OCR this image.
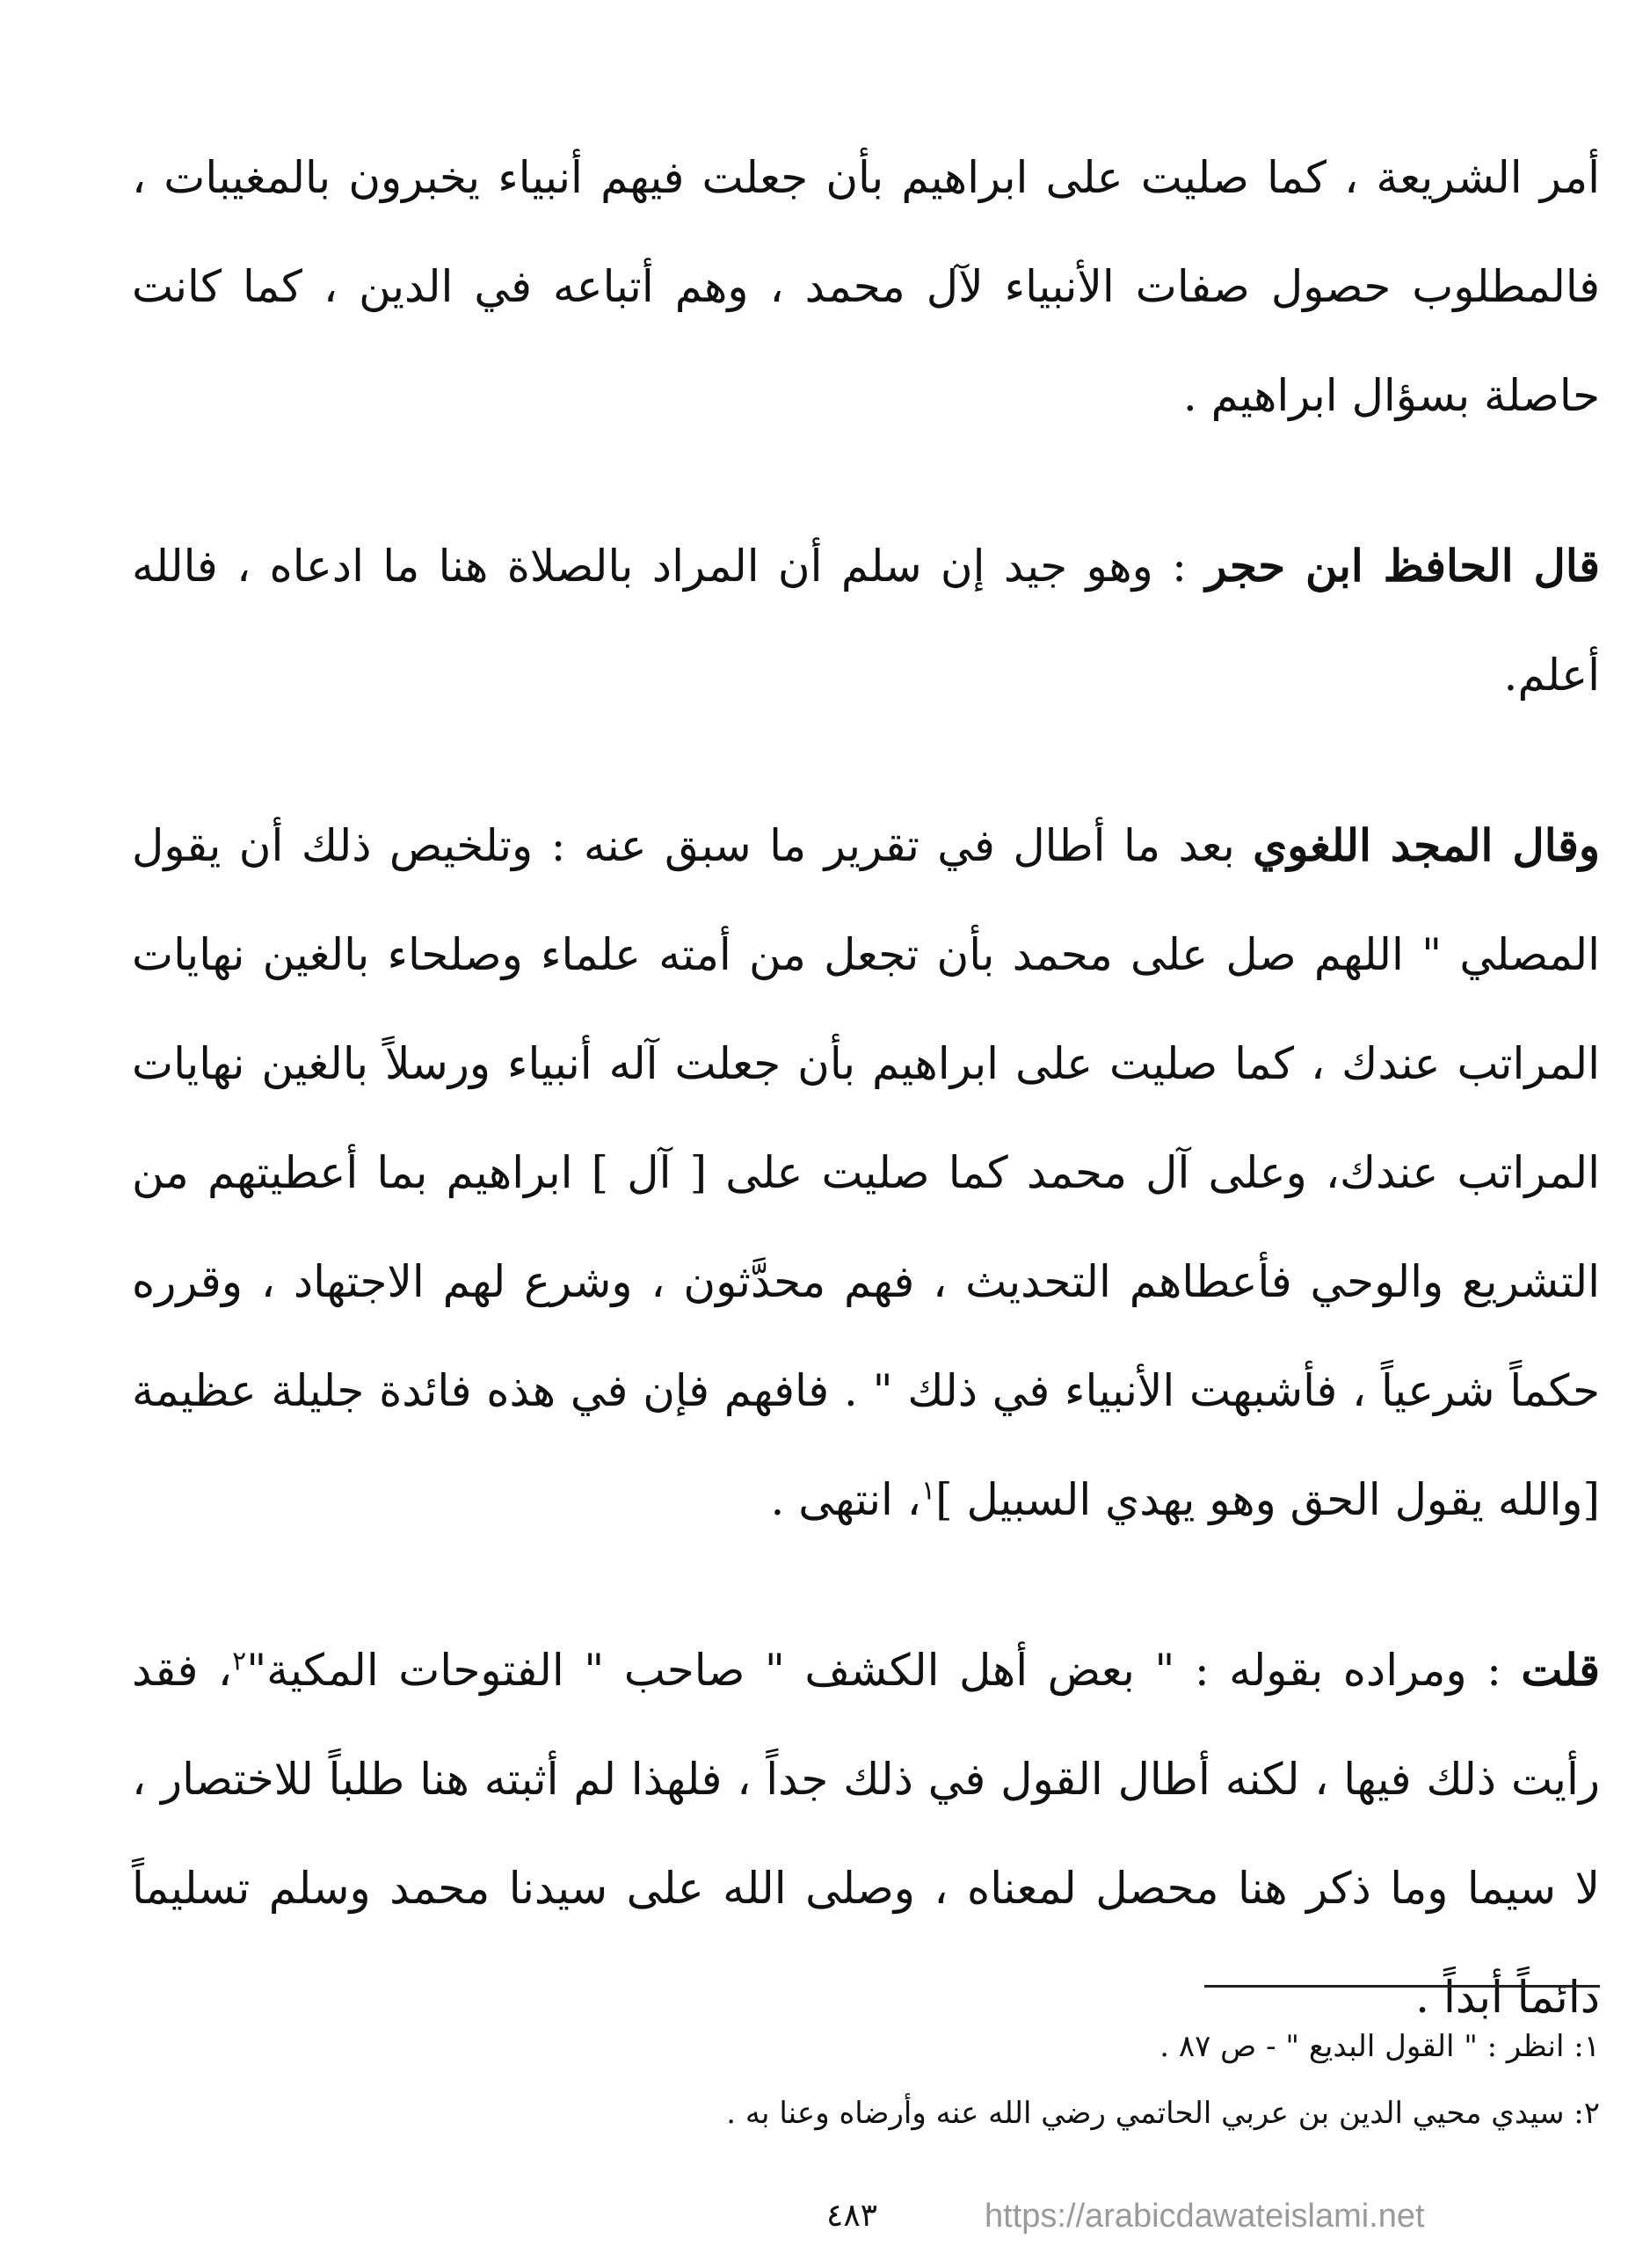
أمر الشريعة ، كما صليت على ابراهيم بأن جعلت فيهم أنبياء يخبرون بالمغيبات ، فالمطلوب حصول صفات الأنبياء لآل محمد ، وهم أتباعه في الدين ، كما كانت حاصلة بسؤال ابراهيم .

قال الحافظ ابن حجر : وهو جيد إن سلم أن المراد بالصلاة هنا ما ادعاه ، فالله أعلم.

وقال المجد اللغوي بعد ما أطال في تقرير ما سبق عنه : وتلخيص ذلك أن يقول المصلي " اللهم صل على محمد بأن تجعل من أمته علماء وصلحاء بالغين نهايات المراتب عندك ، كما صليت على ابراهيم بأن جعلت آله أنبياء ورسلاً بالغين نهايات المراتب عندك، وعلى آل محمد كما صليت على [ آل ] ابراهيم بما أعطيتهم من التشريع والوحي فأعطاهم التحديث ، فهم محدَّثون ، وشرع لهم الاجتهاد ، وقرره حكماً شرعياً ، فأشبهت الأنبياء في ذلك " . فافهم فإن في هذه فائدة جليلة عظيمة [والله يقول الحق وهو يهدي السبيل ]$^١$، انتهى .

قلت : ومراده بقوله : " بعض أهل الكشف " صاحب " الفتوحات المكية"$^٢$، فقد رأيت ذلك فيها ، لكنه أطال القول في ذلك جداً ، فلهذا لم أثبته هنا طلباً للاختصار ، لا سيما وما ذكر هنا محصل لمعناه ، وصلى الله على سيدنا محمد وسلم تسليماً دائماً أبداً .

١: انظر : " القول البديع " - ص ٨٧ .

٢: سيدي محيي الدين بن عربي الحاتمي رضي الله عنه وأرضاه وعنا به .

٤٨٣	https://arabicdawateislami.net
